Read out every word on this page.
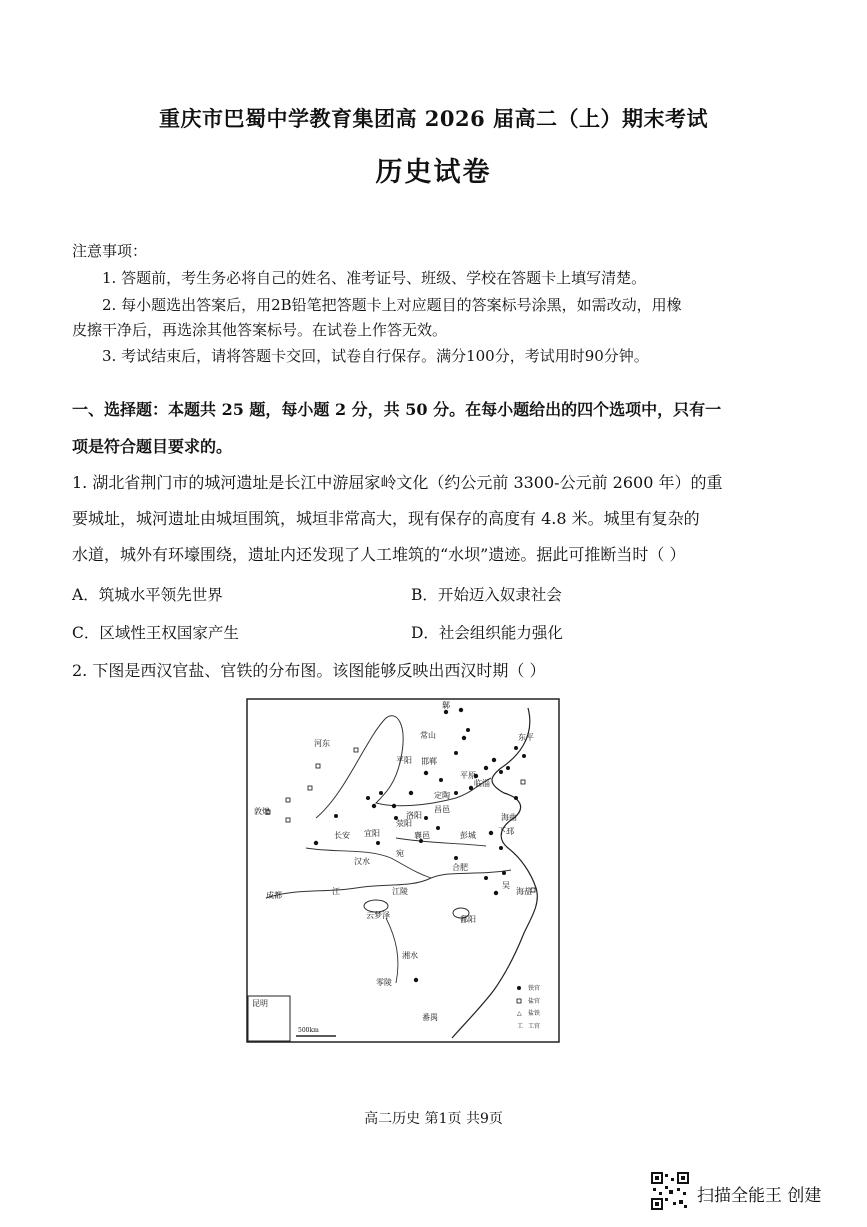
重庆市巴蜀中学教育集团高 2026 届高二（上）期末考试
历史试卷
注意事项：
1. 答题前，考生务必将自己的姓名、准考证号、班级、学校在答题卡上填写清楚。
2. 每小题选出答案后，用2B铅笔把答题卡上对应题目的答案标号涂黑，如需改动，用橡
皮擦干净后，再选涂其他答案标号。在试卷上作答无效。
3. 考试结束后，请将答题卡交回，试卷自行保存。满分100分，考试用时90分钟。
一、选择题：本题共 25 题，每小题 2 分，共 50 分。在每小题给出的四个选项中，只有一
项是符合题目要求的。
1. 湖北省荆门市的城河遗址是长江中游屈家岭文化（约公元前 3300-公元前 2600 年）的重
要城址，城河遗址由城垣围筑，城垣非常高大，现有保存的高度有 4.8 米。城里有复杂的
水道，城外有环壕围绕，遗址内还发现了人工堆筑的“水坝”遗迹。据此可推断当时（ ）
A．筑城水平领先世界	B．开始迈入奴隶社会
C．区域性王权国家产生	D．社会组织能力强化
2. 下图是西汉官盐、官铁的分布图。该图能够反映出西汉时期（ ）
鄡
东平
常山
平阳 邯郸
平原
临淄
定陶
昌邑
海曲
敦煌
长安 宜阳
荥阳
襄邑
洛阳
彭城	下邳
宛
合肥
江陵
成都
云梦泽	鄱阳
吴
海盐
湘水
零陵
番禺
昆明
汉水
江
500km
河东
铁官
盐官
△ 盐铁
工 工官
高二历史 第1页 共9页
扫描全能王 创建
